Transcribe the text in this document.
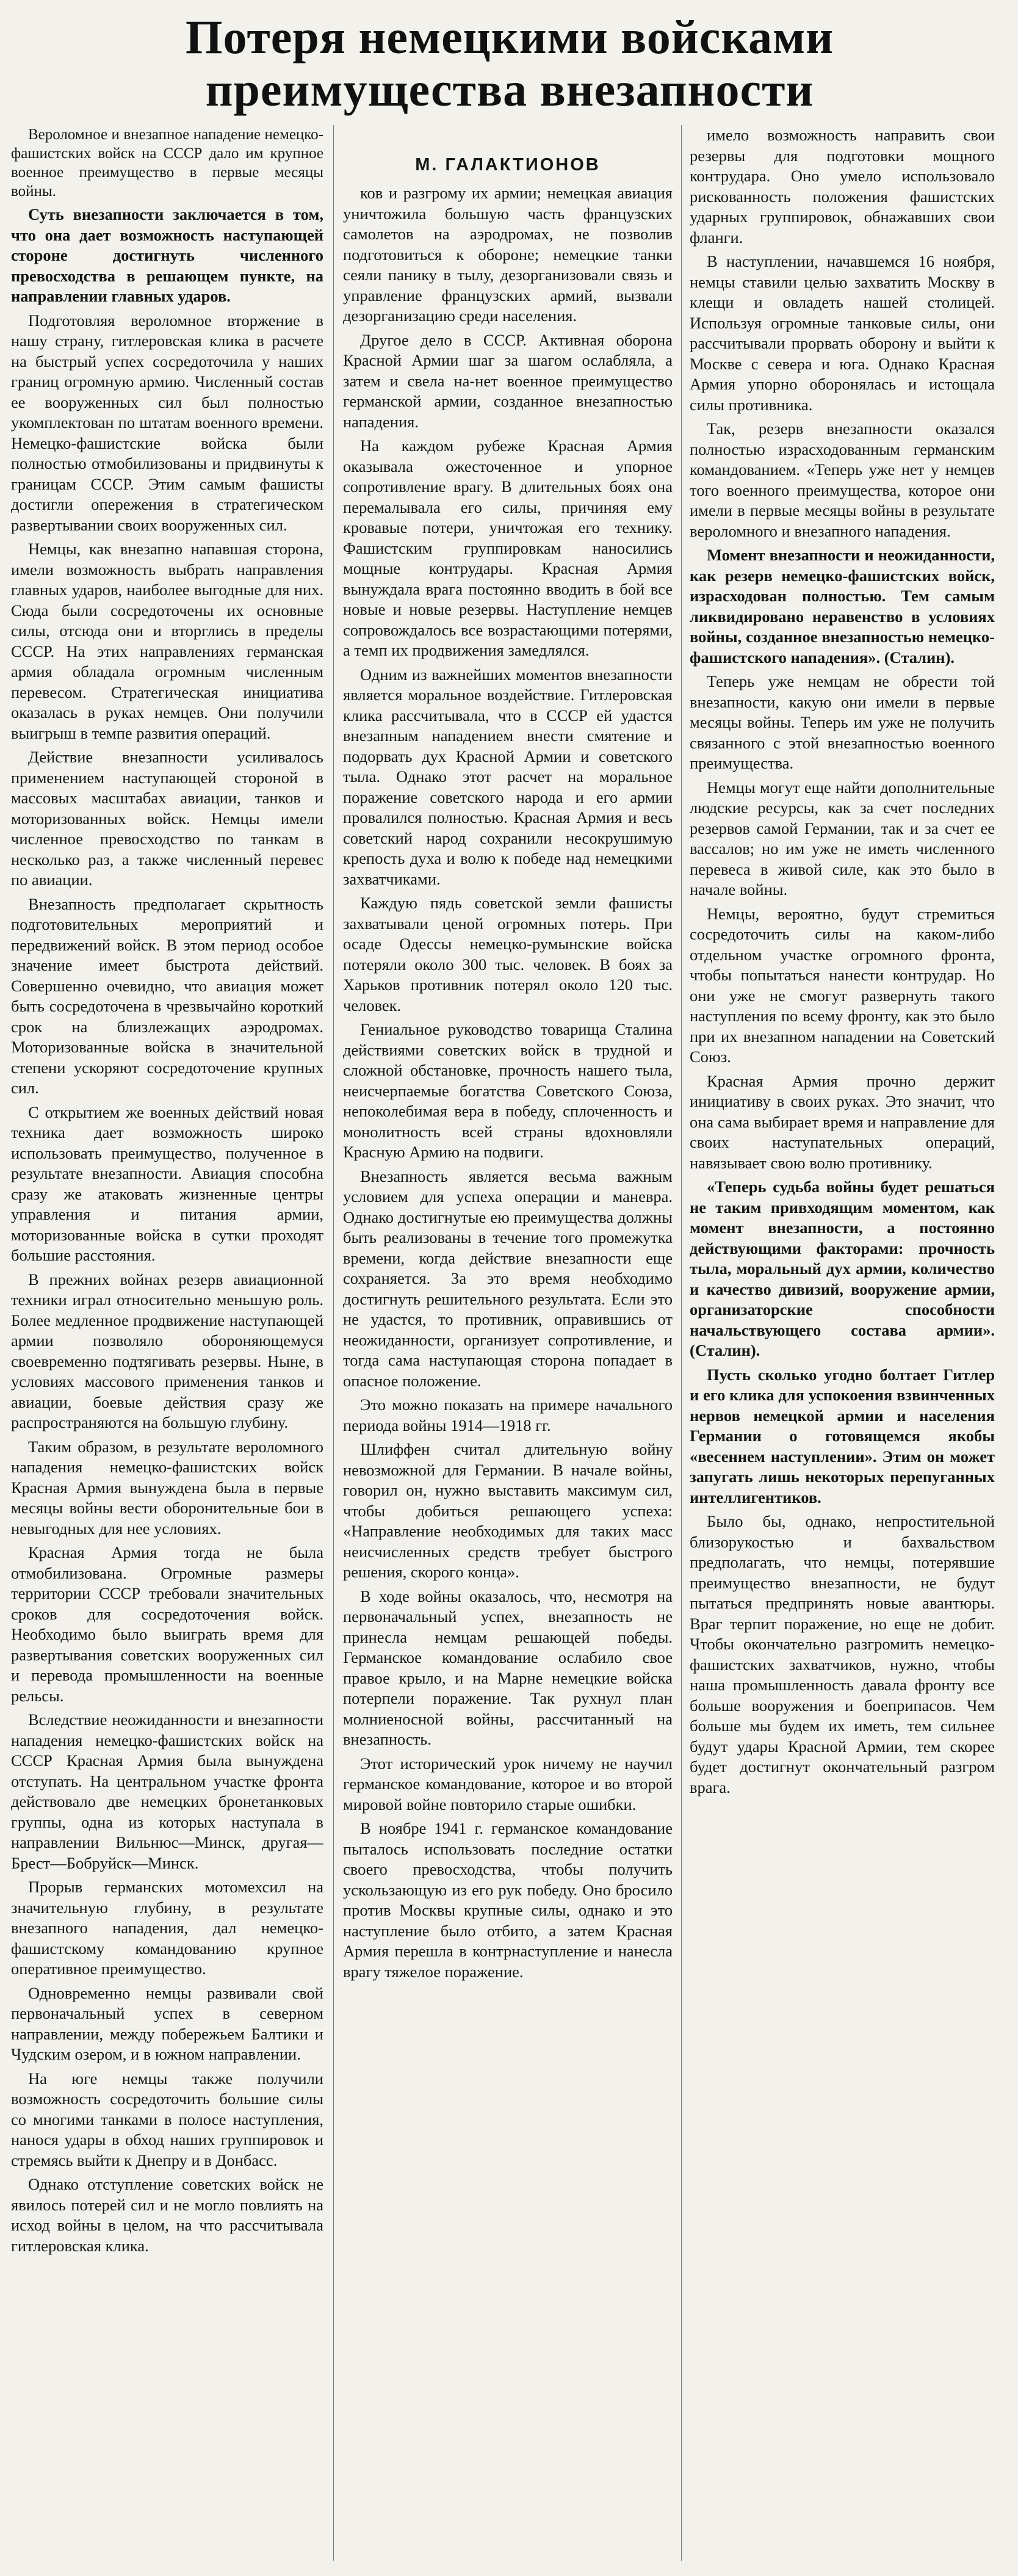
Потеря немецкими войсками преимущества внезапности
М. ГАЛАКТИОНОВ

Вероломное и внезапное нападение немецко-фашистских войск на СССР дало им крупное военное преимущество в первые месяцы войны.

Суть внезапности заключается в том, что она дает возможность наступающей стороне достигнуть численного превосходства в решающем пункте, на направлении главных ударов.

Подготовляя вероломное вторжение в нашу страну, гитлеровская клика в расчете на быстрый успех сосредоточила у наших границ огромную армию. Численный состав ее вооруженных сил был полностью укомплектован по штатам военного времени. Немецко-фашистские войска были полностью отмобилизованы и придвинуты к границам СССР. Этим самым фашисты достигли опережения в стратегическом развертывании своих вооруженных сил.

Немцы, как внезапно напавшая сторона, имели возможность выбрать направления главных ударов, наиболее выгодные для них. Сюда были сосредоточены их основные силы, отсюда они и вторглись в пределы СССР. На этих направлениях германская армия обладала огромным численным перевесом. Стратегическая инициатива оказалась в руках немцев. Они получили выигрыш в темпе развития операций.

Действие внезапности усиливалось применением наступающей стороной в массовых масштабах авиации, танков и моторизованных войск. Немцы имели численное превосходство по танкам в несколько раз, а также численный перевес по авиации.

Внезапность предполагает скрытность подготовительных мероприятий и передвижений войск. В этом период особое значение имеет быстрота действий. Совершенно очевидно, что авиация может быть сосредоточена в чрезвычайно короткий срок на близлежащих аэродромах. Моторизованные войска в значительной степени ускоряют сосредоточение крупных сил.

С открытием же военных действий новая техника дает возможность широко использовать преимущество, полученное в результате внезапности. Авиация способна сразу же атаковать жизненные центры управления и питания армии, моторизованные войска в сутки проходят большие расстояния.

В прежних войнах резерв авиационной техники играл относительно меньшую роль. Более медленное продвижение наступающей армии позволяло обороняющемуся своевременно подтягивать резервы. Ныне, в условиях массового применения танков и авиации, боевые действия сразу же распространяются на большую глубину.

Таким образом, в результате вероломного нападения немецко-фашистских войск Красная Армия вынуждена была в первые месяцы войны вести оборонительные бои в невыгодных для нее условиях.

Красная Армия тогда не была отмобилизована. Огромные размеры территории СССР требовали значительных сроков для сосредоточения войск. Необходимо было выиграть время для развертывания советских вооруженных сил и перевода промышленности на военные рельсы.

Вследствие неожиданности и внезапности нападения немецко-фашистских войск на СССР Красная Армия была вынуждена отступать. На центральном участке фронта действовало две немецких бронетанковых группы, одна из которых наступала в направлении Вильнюс—Минск, другая—Брест—Бобруйск—Минск.

Прорыв германских мотомехсил на значительную глубину, в результате внезапного нападения, дал немецко-фашистскому командованию крупное оперативное преимущество.

Одновременно немцы развивали свой первоначальный успех в северном направлении, между побережьем Балтики и Чудским озером, и в южном направлении.

На юге немцы также получили возможность сосредоточить большие силы со многими танками в полосе наступления, нанося удары в обход наших группировок и стремясь выйти к Днепру и в Донбасс.

Однако отступление советских войск не явилось потерей сил и не могло повлиять на исход войны в целом, на что рассчитывала гитлеровская клика.

ков и разгрому их армии; немецкая авиация уничтожила большую часть французских самолетов на аэродромах, не позволив подготовиться к обороне; немецкие танки сеяли панику в тылу, дезорганизовали связь и управление французских армий, вызвали дезорганизацию среди населения.

Другое дело в СССР. Активная оборона Красной Армии шаг за шагом ослабляла, а затем и свела на-нет военное преимущество германской армии, созданное внезапностью нападения.

На каждом рубеже Красная Армия оказывала ожесточенное и упорное сопротивление врагу. В длительных боях она перемалывала его силы, причиняя ему кровавые потери, уничтожая его технику. Фашистским группировкам наносились мощные контрудары. Красная Армия вынуждала врага постоянно вводить в бой все новые и новые резервы. Наступление немцев сопровождалось все возрастающими потерями, а темп их продвижения замедлялся.

Одним из важнейших моментов внезапности является моральное воздействие. Гитлеровская клика рассчитывала, что в СССР ей удастся внезапным нападением внести смятение и подорвать дух Красной Армии и советского тыла. Однако этот расчет на моральное поражение советского народа и его армии провалился полностью. Красная Армия и весь советский народ сохранили несокрушимую крепость духа и волю к победе над немецкими захватчиками.

Каждую пядь советской земли фашисты захватывали ценой огромных потерь. При осаде Одессы немецко-румынские войска потеряли около 300 тыс. человек. В боях за Харьков противник потерял около 120 тыс. человек.

Гениальное руководство товарища Сталина действиями советских войск в трудной и сложной обстановке, прочность нашего тыла, неисчерпаемые богатства Советского Союза, непоколебимая вера в победу, сплоченность и монолитность всей страны вдохновляли Красную Армию на подвиги.

Внезапность является весьма важным условием для успеха операции и маневра. Однако достигнутые ею преимущества должны быть реализованы в течение того промежутка времени, когда действие внезапности еще сохраняется. За это время необходимо достигнуть решительного результата. Если это не удастся, то противник, оправившись от неожиданности, организует сопротивление, и тогда сама наступающая сторона попадает в опасное положение.

Это можно показать на примере начального периода войны 1914—1918 гг.

Шлиффен считал длительную войну невозможной для Германии. В начале войны, говорил он, нужно выставить максимум сил, чтобы добиться решающего успеха: «Направление необходимых для таких масс неисчисленных средств требует быстрого решения, скорого конца».

В ходе войны оказалось, что, несмотря на первоначальный успех, внезапность не принесла немцам решающей победы. Германское командование ослабило свое правое крыло, и на Марне немецкие войска потерпели поражение. Так рухнул план молниеносной войны, рассчитанный на внезапность.

Этот исторический урок ничему не научил германское командование, которое и во второй мировой войне повторило старые ошибки.

В ноябре 1941 г. германское командование пыталось использовать последние остатки своего превосходства, чтобы получить ускользающую из его рук победу. Оно бросило против Москвы крупные силы, однако и это наступление было отбито, а затем Красная Армия перешла в контрнаступление и нанесла врагу тяжелое поражение.

имело возможность направить свои резервы для подготовки мощного контрудара. Оно умело использовало рискованность положения фашистских ударных группировок, обнажавших свои фланги.

В наступлении, начавшемся 16 ноября, немцы ставили целью захватить Москву в клещи и овладеть нашей столицей. Используя огромные танковые силы, они рассчитывали прорвать оборону и выйти к Москве с севера и юга. Однако Красная Армия упорно оборонялась и истощала силы противника.

Так, резерв внезапности оказался полностью израсходованным германским командованием. «Теперь уже нет у немцев того военного преимущества, которое они имели в первые месяцы войны в результате вероломного и внезапного нападения.

Момент внезапности и неожиданности, как резерв немецко-фашистских войск, израсходован полностью. Тем самым ликвидировано неравенство в условиях войны, созданное внезапностью немецко-фашистского нападения». (Сталин).

Теперь уже немцам не обрести той внезапности, какую они имели в первые месяцы войны. Теперь им уже не получить связанного с этой внезапностью военного преимущества.

Немцы могут еще найти дополнительные людские ресурсы, как за счет последних резервов самой Германии, так и за счет ее вассалов; но им уже не иметь численного перевеса в живой силе, как это было в начале войны.

Немцы, вероятно, будут стремиться сосредоточить силы на каком-либо отдельном участке огромного фронта, чтобы попытаться нанести контрудар. Но они уже не смогут развернуть такого наступления по всему фронту, как это было при их внезапном нападении на Советский Союз.

Красная Армия прочно держит инициативу в своих руках. Это значит, что она сама выбирает время и направление для своих наступательных операций, навязывает свою волю противнику.

«Теперь судьба войны будет решаться не таким привходящим моментом, как момент внезапности, а постоянно действующими факторами: прочность тыла, моральный дух армии, количество и качество дивизий, вооружение армии, организаторские способности начальствующего состава армии». (Сталин).

Пусть сколько угодно болтает Гитлер и его клика для успокоения взвинченных нервов немецкой армии и населения Германии о готовящемся якобы «весеннем наступлении». Этим он может запугать лишь некоторых перепуганных интеллигентиков.

Было бы, однако, непростительной близорукостью и бахвальством предполагать, что немцы, потерявшие преимущество внезапности, не будут пытаться предпринять новые авантюры. Враг терпит поражение, но еще не добит. Чтобы окончательно разгромить немецко-фашистских захватчиков, нужно, чтобы наша промышленность давала фронту все больше вооружения и боеприпасов. Чем больше мы будем их иметь, тем сильнее будут удары Красной Армии, тем скорее будет достигнут окончательный разгром врага.
